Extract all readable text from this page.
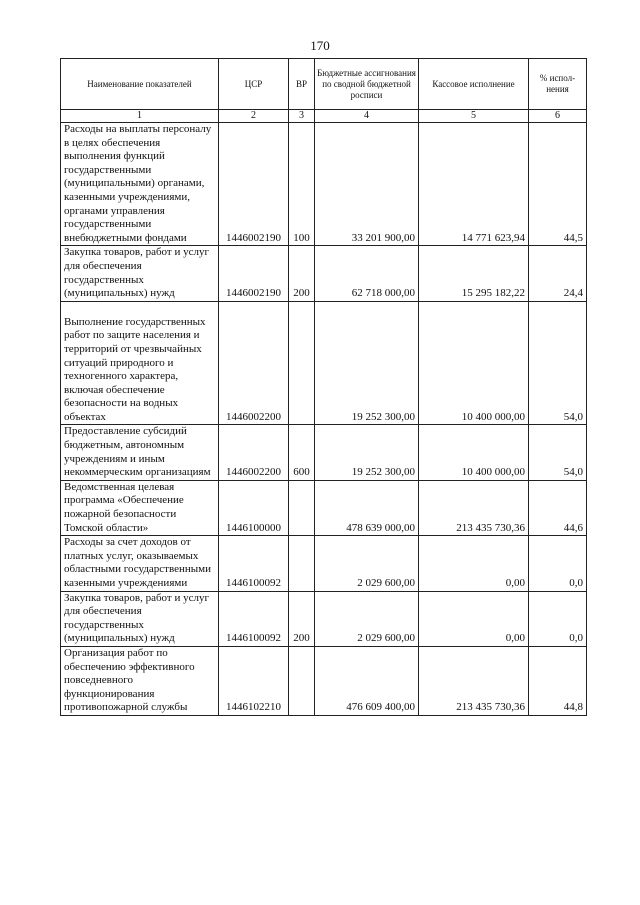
170
Наименование показателей	ЦСР	ВР	Бюджетные ассигнования по сводной бюджетной росписи	Кассовое исполнение	% испол-нения
1	2	3	4	5	6
Расходы на выплаты персоналу в целях обеспечения выполнения функций государственными (муниципальными) органами, казенными учреждениями, органами управления государственными внебюджетными фондами	1446002190	100	33 201 900,00	14 771 623,94	44,5
Закупка товаров, работ и услуг для обеспечения государственных (муниципальных) нужд	1446002190	200	62 718 000,00	15 295 182,22	24,4
Выполнение государственных работ по защите населения и территорий от чрезвычайных ситуаций природного и техногенного характера, включая обеспечение безопасности на водных объектах	1446002200		19 252 300,00	10 400 000,00	54,0
Предоставление субсидий бюджетным, автономным учреждениям и иным некоммерческим организациям	1446002200	600	19 252 300,00	10 400 000,00	54,0
Ведомственная целевая программа «Обеспечение пожарной безопасности Томской области»	1446100000		478 639 000,00	213 435 730,36	44,6
Расходы за счет доходов от платных услуг, оказываемых областными государственными казенными учреждениями	1446100092		2 029 600,00	0,00	0,0
Закупка товаров, работ и услуг для обеспечения государственных (муниципальных) нужд	1446100092	200	2 029 600,00	0,00	0,0
Организация работ по обеспечению эффективного повседневного функционирования противопожарной службы	1446102210		476 609 400,00	213 435 730,36	44,8
